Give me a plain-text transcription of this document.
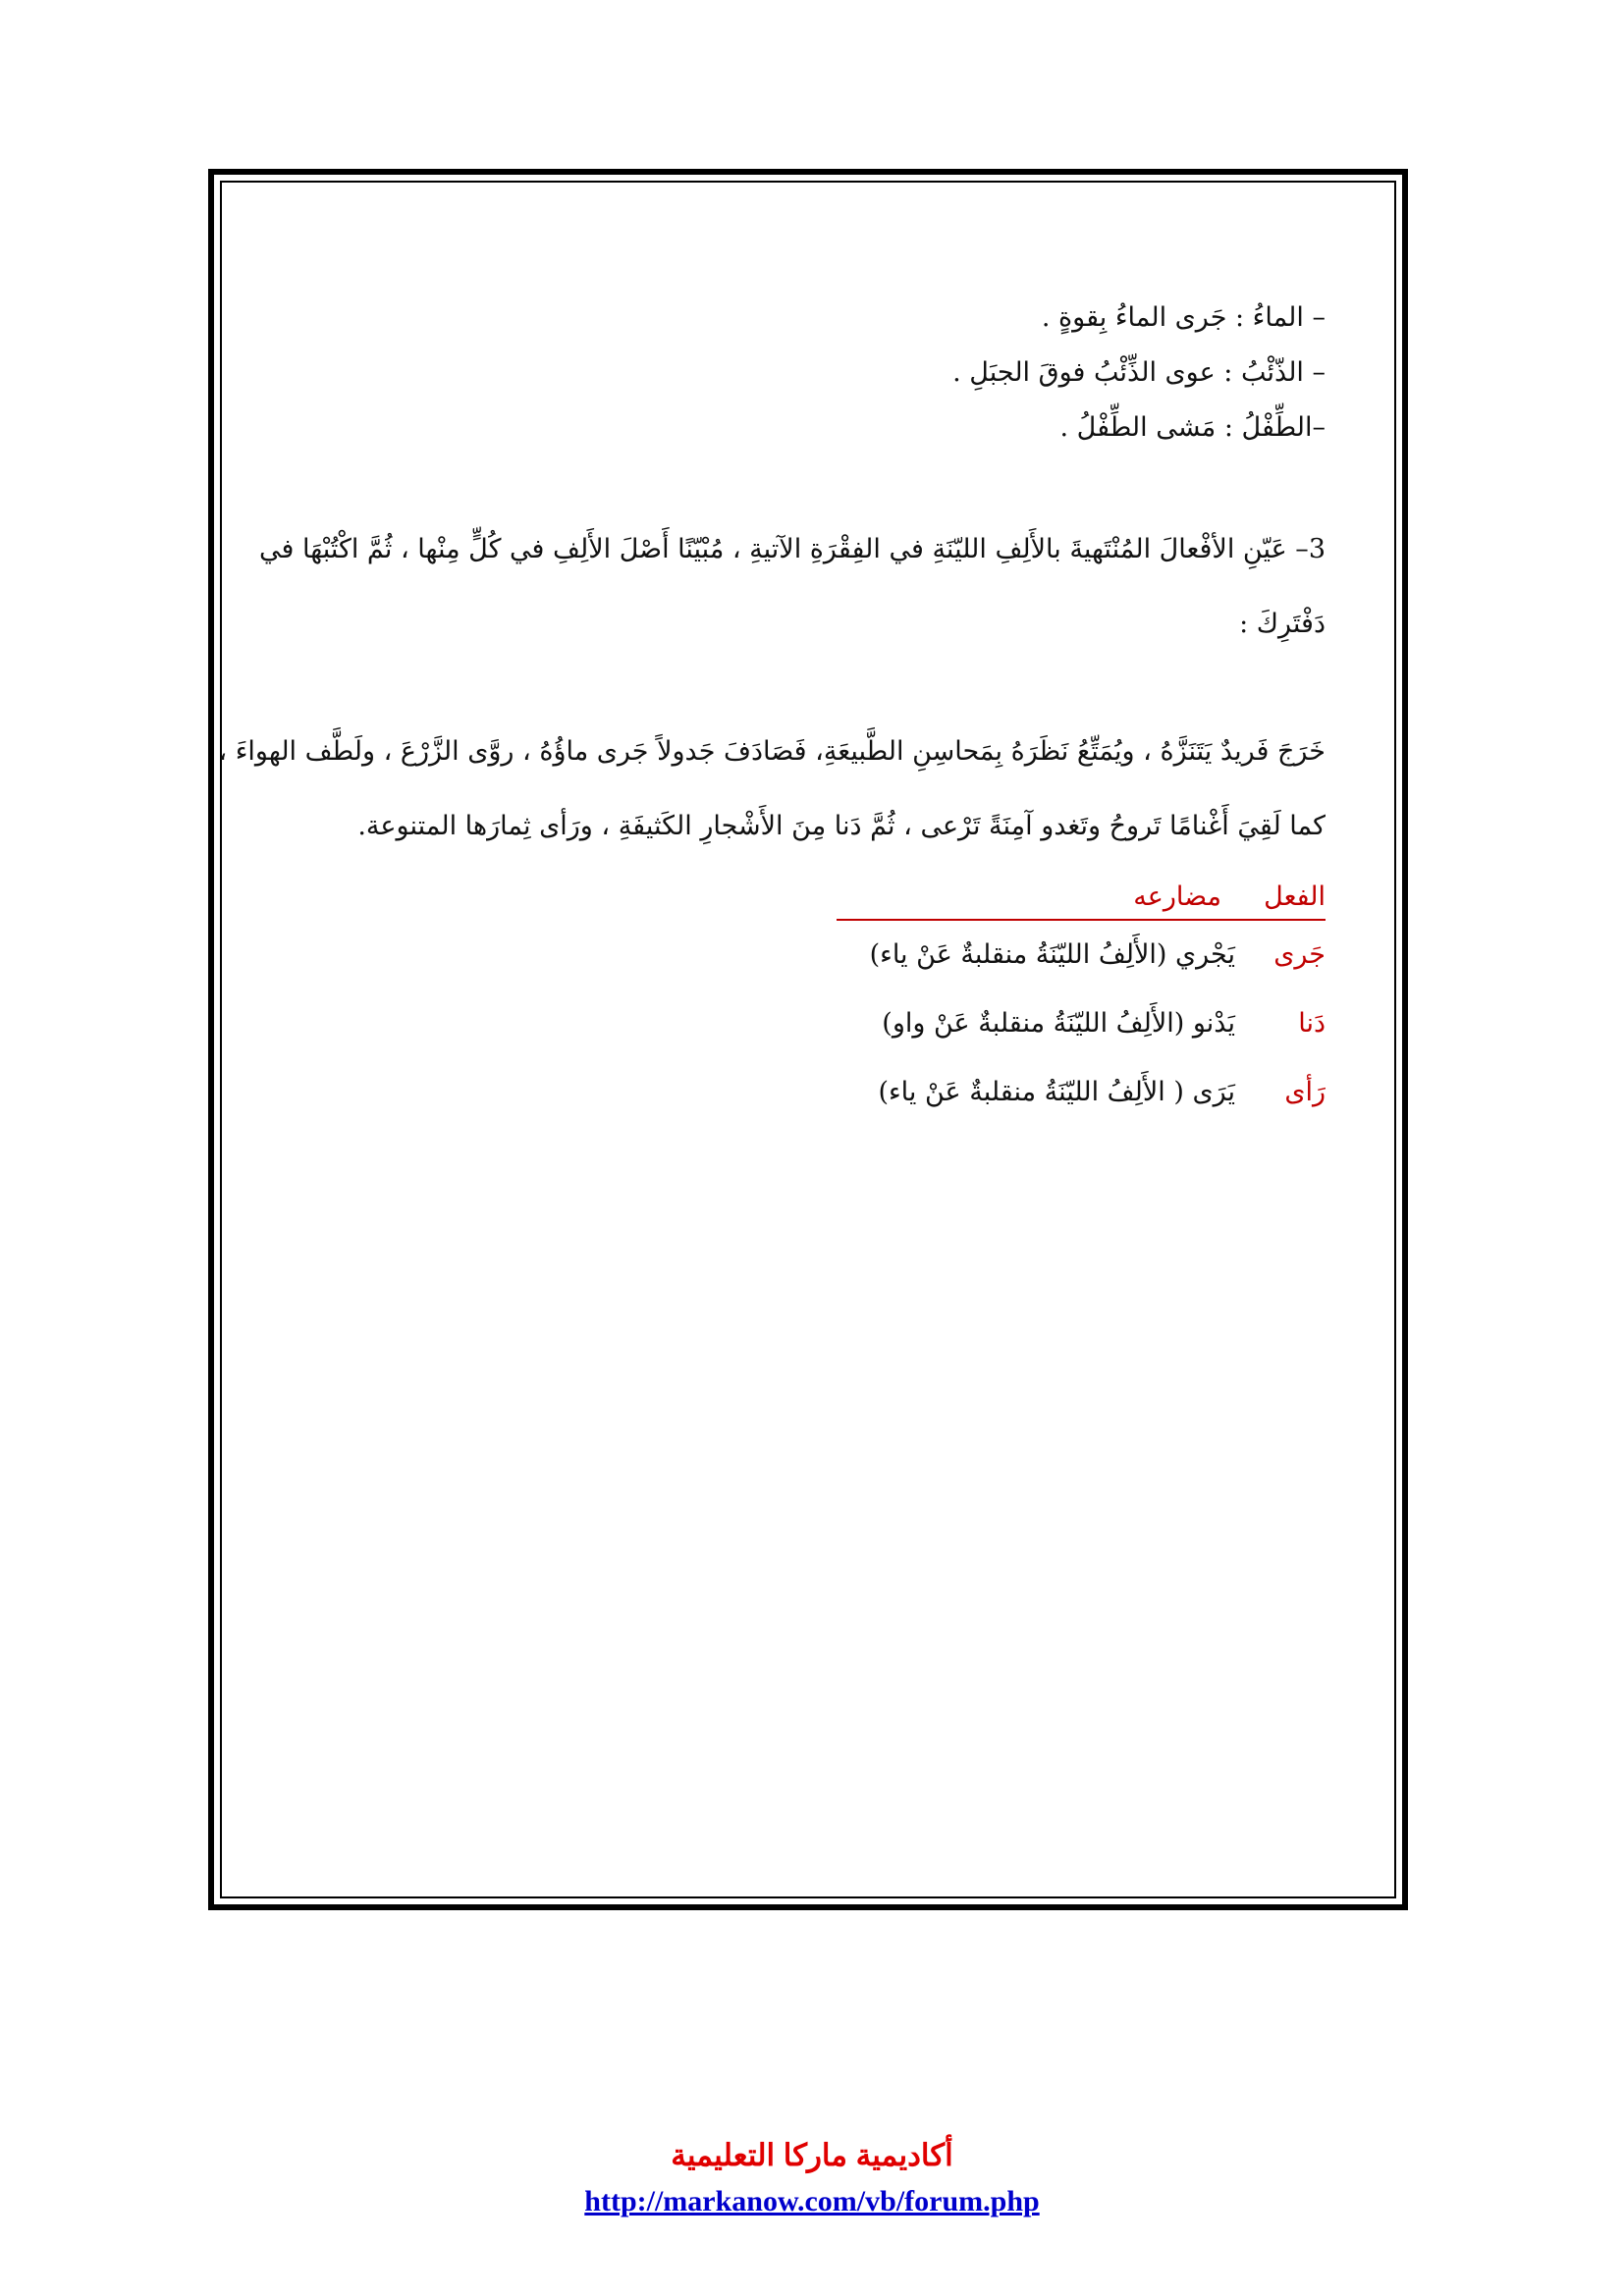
– الماءُ : جَرى الماءُ بِقوةٍ .

– الذّئْبُ : عوى الذِّئْبُ فوقَ الجبَلِ .

–الطِّفْلُ : مَشى الطِّفْلُ .

3– عَيّنِ الأفْعالَ المُنْتَهيةَ بالأَلِفِ الليّنَةِ في الفِقْرَةِ الآتيةِ ، مُبْيّنًا أَصْلَ الأَلِفِ في كُلٍّ مِنْها ، ثُمَّ اكْتُبْهَا في
دَفْتَرِكَ :
خَرَجَ فَريدٌ يَتَنَزَّهُ ، ويُمَتِّعُ نَظَرَهُ بِمَحاسِنِ الطَّبيعَةِ، فَصَادَفَ جَدولاً جَرى ماؤُهُ ، روَّى الزَّرْعَ ، ولَطَّف الهواءَ ،
كما لَقِيَ أَغْنامًا تَروحُ وتَغدو آمِنَةً تَرْعى ، ثُمَّ دَنا مِنَ الأَشْجارِ الكَثيفَةِ ، ورَأى ثِمارَها المتنوعة.
الفعل
مضارعه
جَرى
يَجْري (الأَلِفُ الليّنَةُ منقلبةٌ عَنْ ياء)
دَنا
يَدْنو (الأَلِفُ الليّنَةُ منقلبةٌ عَنْ واو)
رَأى
يَرَى ( الأَلِفُ الليّنَةُ منقلبةٌ عَنْ ياء)
أكاديمية ماركا التعليمية
http://markanow.com/vb/forum.php
